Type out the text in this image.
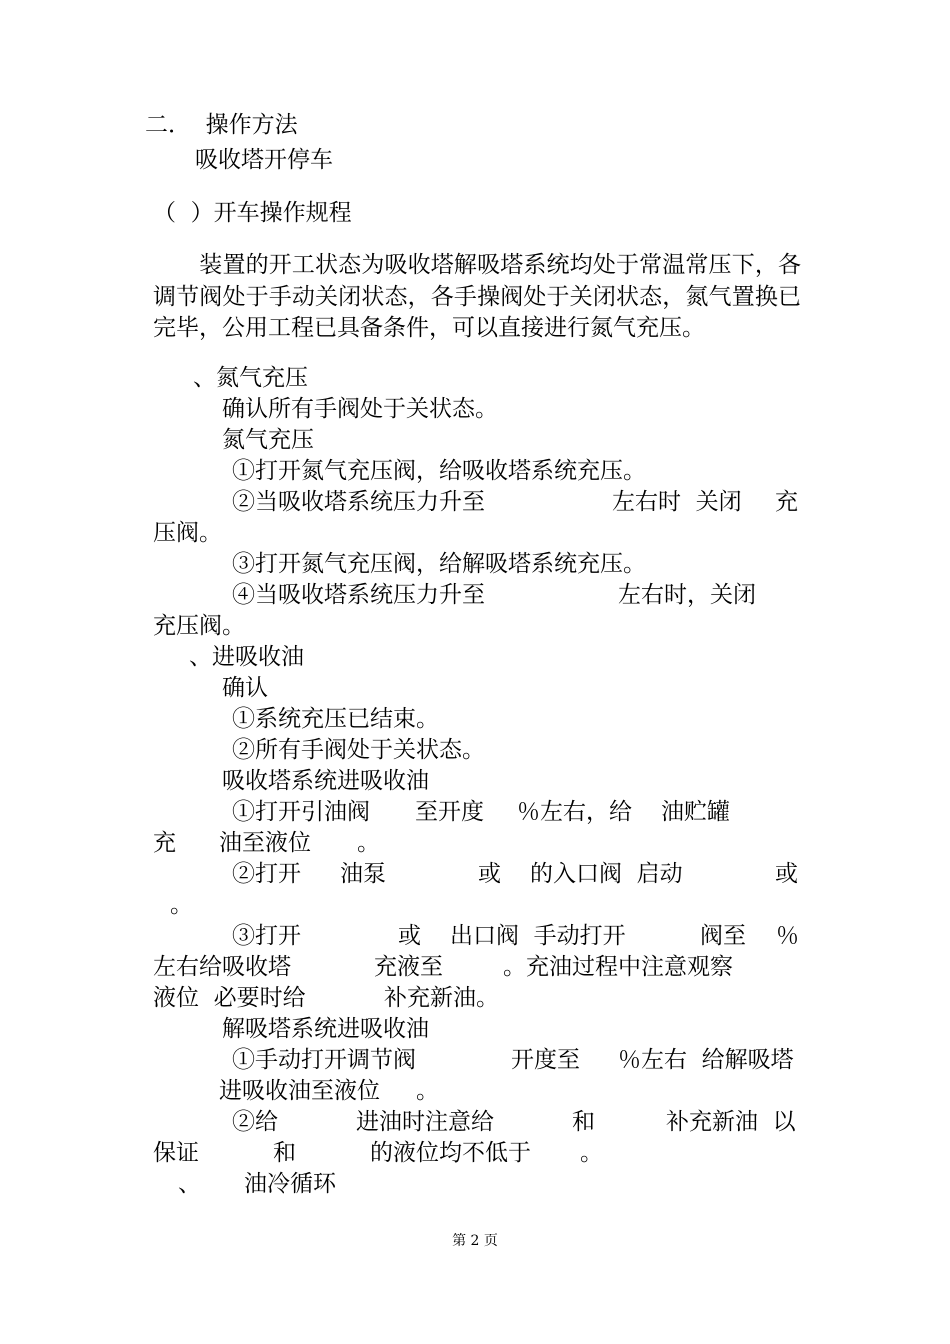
二．  操作方法
吸收塔开停车
（  ）开车操作规程
　　装置的开工状态为吸收塔解吸塔系统均处于常温常压下，各调节阀处于手动关闭状态，各手操阀处于关闭状态，氮气置换已完毕，公用工程已具备条件，可以直接进行氮气充压。
、氮气充压
确认所有手阀处于关状态。
氮气充压
①打开氮气充压阀，给吸收塔系统充压。
②当吸收塔系统压力升至	左右时  关闭 充
压阀。
③打开氮气充压阀，给解吸塔系统充压。
④当吸收塔系统压力升至	左右时，关闭
充压阀。
、进吸收油
确认
①系统充压已结束。
②所有手阀处于关状态。
吸收塔系统进吸收油
①打开引油阀 至开度 ％左右，给 油贮罐
充 油至液位 。
②打开 油泵	或 的入口阀  启动	或
。
③打开	或 出口阀  手动打开	阀至 ％
左右给吸收塔	充液至	。充油过程中注意观察
液位  必要时给	补充新油。
解吸塔系统进吸收油
①手动打开调节阀	开度至 ％左右  给解吸塔
进吸收油至液位 。
②给	进油时注意给	和	补充新油  以
保证	和	的液位均不低于 。
、 油冷循环
第 2 页
